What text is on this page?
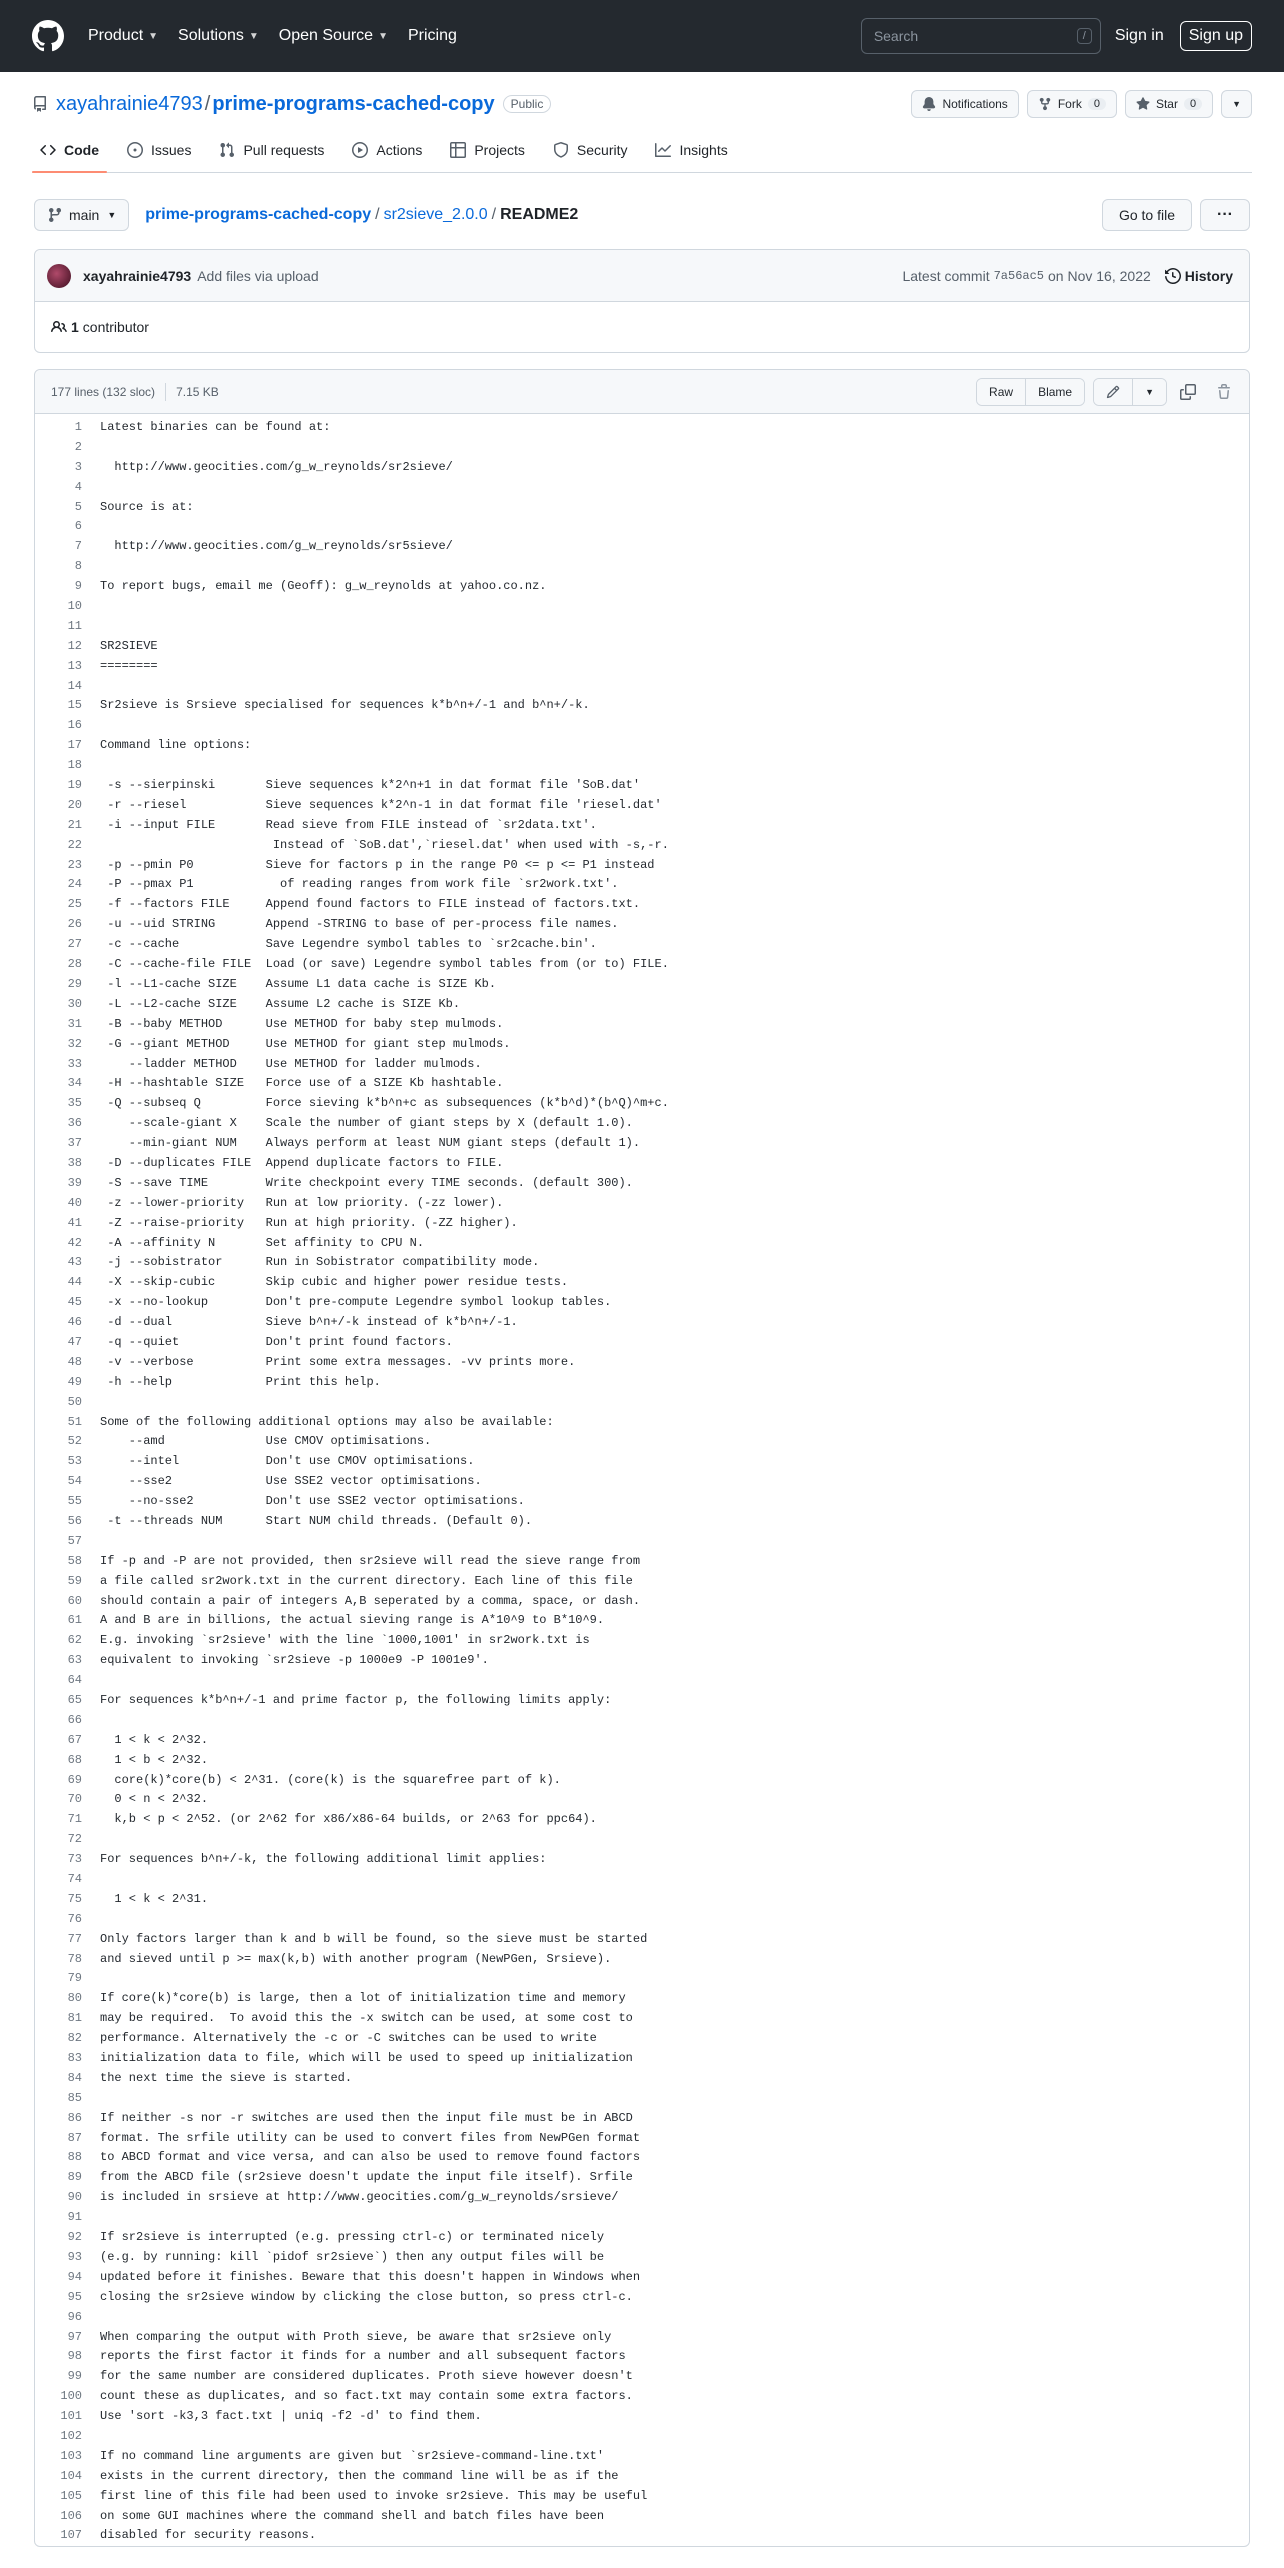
Product ▼ Solutions ▼ Open Source ▼ Pricing	Search	/	Sign in	Sign up
xayahrainie4793 / prime-programs-cached-copy	Public	Notifications	Fork	0	Star	0	▼
Code	Issues	Pull requests	Actions	Projects	Security	Insights
main ▼ prime-programs-cached-copy / sr2sieve_2.0.0 / README2	Go to file	···
xayahrainie4793 Add files via upload	Latest commit 7a56ac5 on Nov 16, 2022 History
1 contributor
177 lines (132 sloc) 7.15 KB	Raw	Blame	▼
1	Latest binaries can be found at:
2
3	http://www.geocities.com/g_w_reynolds/sr2sieve/
4
5	Source is at:
6
7	http://www.geocities.com/g_w_reynolds/sr5sieve/
8
9	To report bugs, email me (Geoff): g_w_reynolds at yahoo.co.nz.
10
11
12	SR2SIEVE
13	========
14
15	Sr2sieve is Srsieve specialised for sequences k*b^n+/-1 and b^n+/-k.
16
17	Command line options:
18
19	-s --sierpinski       Sieve sequences k*2^n+1 in dat format file 'SoB.dat'
20	-r --riesel           Sieve sequences k*2^n-1 in dat format file 'riesel.dat'
21	-i --input FILE       Read sieve from FILE instead of `sr2data.txt'.
22	Instead of `SoB.dat',`riesel.dat' when used with -s,-r.
23	-p --pmin P0          Sieve for factors p in the range P0 <= p <= P1 instead
24	-P --pmax P1            of reading ranges from work file `sr2work.txt'.
25	-f --factors FILE     Append found factors to FILE instead of factors.txt.
26	-u --uid STRING       Append -STRING to base of per-process file names.
27	-c --cache            Save Legendre symbol tables to `sr2cache.bin'.
28	-C --cache-file FILE  Load (or save) Legendre symbol tables from (or to) FILE.
29	-l --L1-cache SIZE    Assume L1 data cache is SIZE Kb.
30	-L --L2-cache SIZE    Assume L2 cache is SIZE Kb.
31	-B --baby METHOD      Use METHOD for baby step mulmods.
32	-G --giant METHOD     Use METHOD for giant step mulmods.
33	--ladder METHOD    Use METHOD for ladder mulmods.
34	-H --hashtable SIZE   Force use of a SIZE Kb hashtable.
35	-Q --subseq Q         Force sieving k*b^n+c as subsequences (k*b^d)*(b^Q)^m+c.
36	--scale-giant X    Scale the number of giant steps by X (default 1.0).
37	--min-giant NUM    Always perform at least NUM giant steps (default 1).
38	-D --duplicates FILE  Append duplicate factors to FILE.
39	-S --save TIME        Write checkpoint every TIME seconds. (default 300).
40	-z --lower-priority   Run at low priority. (-zz lower).
41	-Z --raise-priority   Run at high priority. (-ZZ higher).
42	-A --affinity N       Set affinity to CPU N.
43	-j --sobistrator      Run in Sobistrator compatibility mode.
44	-X --skip-cubic       Skip cubic and higher power residue tests.
45	-x --no-lookup        Don't pre-compute Legendre symbol lookup tables.
46	-d --dual             Sieve b^n+/-k instead of k*b^n+/-1.
47	-q --quiet            Don't print found factors.
48	-v --verbose          Print some extra messages. -vv prints more.
49	-h --help             Print this help.
50
51	Some of the following additional options may also be available:
52	--amd              Use CMOV optimisations.
53	--intel            Don't use CMOV optimisations.
54	--sse2             Use SSE2 vector optimisations.
55	--no-sse2          Don't use SSE2 vector optimisations.
56	-t --threads NUM      Start NUM child threads. (Default 0).
57
58	If -p and -P are not provided, then sr2sieve will read the sieve range from
59	a file called sr2work.txt in the current directory. Each line of this file
60	should contain a pair of integers A,B seperated by a comma, space, or dash.
61	A and B are in billions, the actual sieving range is A*10^9 to B*10^9.
62	E.g. invoking `sr2sieve' with the line `1000,1001' in sr2work.txt is
63	equivalent to invoking `sr2sieve -p 1000e9 -P 1001e9'.
64
65	For sequences k*b^n+/-1 and prime factor p, the following limits apply:
66
67	1 < k < 2^32.
68	1 < b < 2^32.
69	core(k)*core(b) < 2^31. (core(k) is the squarefree part of k).
70	0 < n < 2^32.
71	k,b < p < 2^52. (or 2^62 for x86/x86-64 builds, or 2^63 for ppc64).
72
73	For sequences b^n+/-k, the following additional limit applies:
74
75	1 < k < 2^31.
76
77	Only factors larger than k and b will be found, so the sieve must be started
78	and sieved until p >= max(k,b) with another program (NewPGen, Srsieve).
79
80	If core(k)*core(b) is large, then a lot of initialization time and memory
81	may be required.  To avoid this the -x switch can be used, at some cost to
82	performance. Alternatively the -c or -C switches can be used to write
83	initialization data to file, which will be used to speed up initialization
84	the next time the sieve is started.
85
86	If neither -s nor -r switches are used then the input file must be in ABCD
87	format. The srfile utility can be used to convert files from NewPGen format
88	to ABCD format and vice versa, and can also be used to remove found factors
89	from the ABCD file (sr2sieve doesn't update the input file itself). Srfile
90	is included in srsieve at http://www.geocities.com/g_w_reynolds/srsieve/
91
92	If sr2sieve is interrupted (e.g. pressing ctrl-c) or terminated nicely
93	(e.g. by running: kill `pidof sr2sieve`) then any output files will be
94	updated before it finishes. Beware that this doesn't happen in Windows when
95	closing the sr2sieve window by clicking the close button, so press ctrl-c.
96
97	When comparing the output with Proth sieve, be aware that sr2sieve only
98	reports the first factor it finds for a number and all subsequent factors
99	for the same number are considered duplicates. Proth sieve however doesn't
100	count these as duplicates, and so fact.txt may contain some extra factors.
101	Use 'sort -k3,3 fact.txt | uniq -f2 -d' to find them.
102
103	If no command line arguments are given but `sr2sieve-command-line.txt'
104	exists in the current directory, then the command line will be as if the
105	first line of this file had been used to invoke sr2sieve. This may be useful
106	on some GUI machines where the command shell and batch files have been
107	disabled for security reasons.
